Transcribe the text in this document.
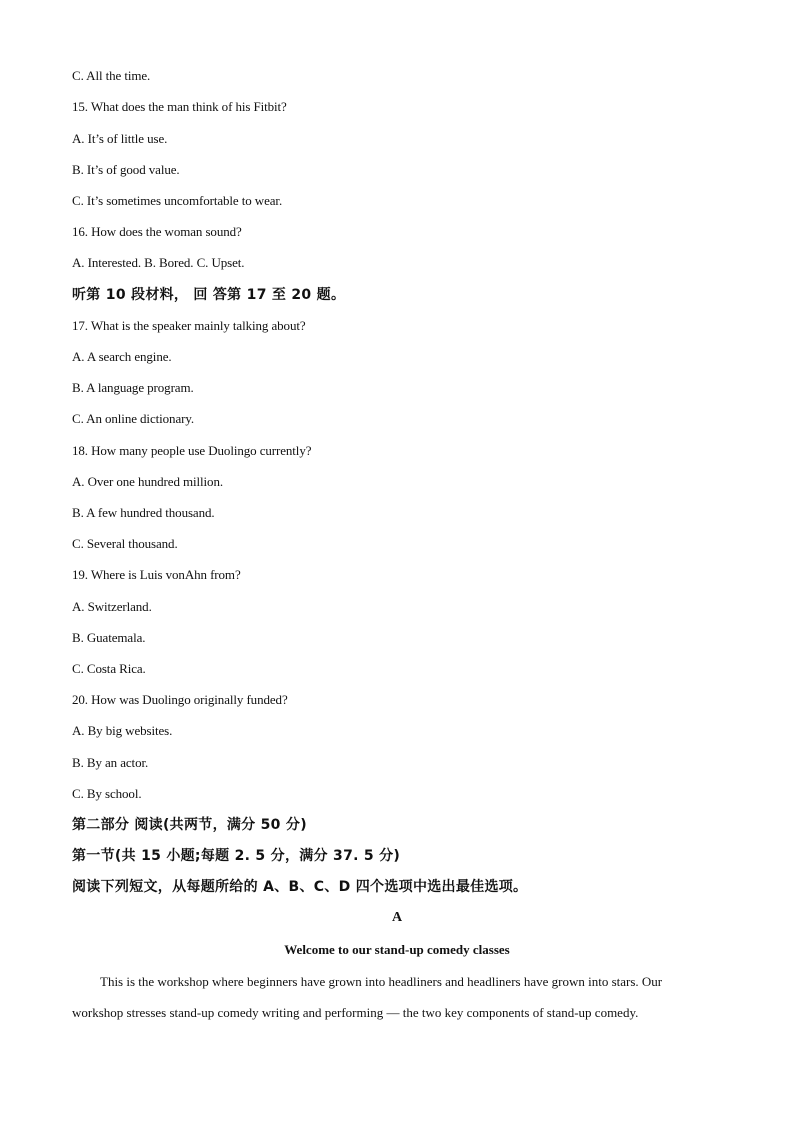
C. All the time.
15. What does the man think of his Fitbit?
A. It’s of little use.
B. It’s of good value.
C. It’s sometimes uncomfortable to wear.
16. How does the woman sound?
A. Interested. B. Bored. C. Upset.
听第 10 段材料， 回 答第 17 至 20 题。
17. What is the speaker mainly talking about?
A. A search engine.
B. A language program.
C. An online dictionary.
18. How many people use Duolingo currently?
A. Over one hundred million.
B. A few hundred thousand.
C. Several thousand.
19. Where is Luis vonAhn from?
A. Switzerland.
B. Guatemala.
C. Costa Rica.
20. How was Duolingo originally funded?
A. By big websites.
B. By an actor.
C. By school.
第二部分 阅读(共两节，满分 50 分)
第一节(共 15 小题;每题 2. 5 分，满分 37. 5 分)
阅读下列短文，从每题所给的 A、B、C、D 四个选项中选出最佳选项。
A
Welcome to our stand-up comedy classes
This is the workshop where beginners have grown into headliners and headliners have grown into stars. Our workshop stresses stand-up comedy writing and performing — the two key components of stand-up comedy.
